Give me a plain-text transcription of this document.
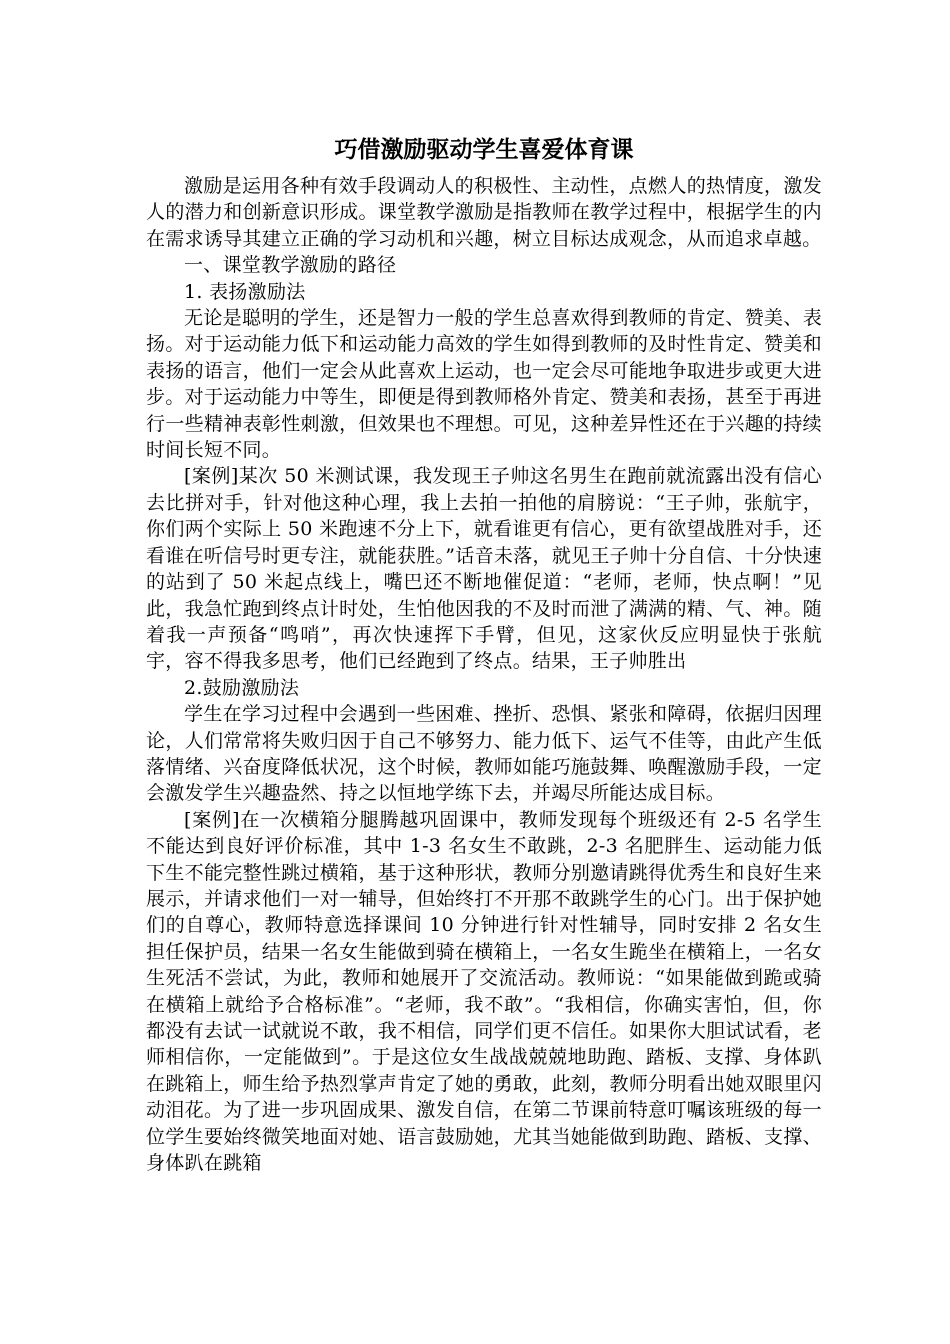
巧借激励驱动学生喜爱体育课

激励是运用各种有效手段调动人的积极性、主动性，点燃人的热情度，激发人的潜力和创新意识形成。课堂教学激励是指教师在教学过程中，根据学生的内在需求诱导其建立正确的学习动机和兴趣，树立目标达成观念，从而追求卓越。

一、课堂教学激励的路径

1. 表扬激励法

无论是聪明的学生，还是智力一般的学生总喜欢得到教师的肯定、赞美、表扬。对于运动能力低下和运动能力高效的学生如得到教师的及时性肯定、赞美和表扬的语言，他们一定会从此喜欢上运动，也一定会尽可能地争取进步或更大进步。对于运动能力中等生，即便是得到教师格外肯定、赞美和表扬，甚至于再进行一些精神表彰性刺激，但效果也不理想。可见，这种差异性还在于兴趣的持续时间长短不同。

[案例]某次 50 米测试课，我发现王子帅这名男生在跑前就流露出没有信心去比拼对手，针对他这种心理，我上去拍一拍他的肩膀说：“王子帅，张航宇，你们两个实际上 50 米跑速不分上下，就看谁更有信心，更有欲望战胜对手，还看谁在听信号时更专注，就能获胜。”话音未落，就见王子帅十分自信、十分快速的站到了 50 米起点线上，嘴巴还不断地催促道：“老师，老师，快点啊！”见此，我急忙跑到终点计时处，生怕他因我的不及时而泄了满满的精、气、神。随着我一声预备“鸣哨”，再次快速挥下手臂，但见，这家伙反应明显快于张航宇，容不得我多思考，他们已经跑到了终点。结果，王子帅胜出

2.鼓励激励法

学生在学习过程中会遇到一些困难、挫折、恐惧、紧张和障碍，依据归因理论，人们常常将失败归因于自己不够努力、能力低下、运气不佳等，由此产生低落情绪、兴奋度降低状况，这个时候，教师如能巧施鼓舞、唤醒激励手段，一定会激发学生兴趣盎然、持之以恒地学练下去，并竭尽所能达成目标。

[案例]在一次横箱分腿腾越巩固课中，教师发现每个班级还有 2-5 名学生不能达到良好评价标准，其中 1-3 名女生不敢跳，2-3 名肥胖生、运动能力低下生不能完整性跳过横箱，基于这种形状，教师分别邀请跳得优秀生和良好生来展示，并请求他们一对一辅导，但始终打不开那不敢跳学生的心门。出于保护她们的自尊心，教师特意选择课间 10 分钟进行针对性辅导，同时安排 2 名女生担任保护员，结果一名女生能做到骑在横箱上，一名女生跪坐在横箱上，一名女生死活不尝试，为此，教师和她展开了交流活动。教师说：“如果能做到跪或骑在横箱上就给予合格标准”。“老师，我不敢”。“我相信，你确实害怕，但，你都没有去试一试就说不敢，我不相信，同学们更不信任。如果你大胆试试看，老师相信你，一定能做到”。于是这位女生战战兢兢地助跑、踏板、支撑、身体趴在跳箱上，师生给予热烈掌声肯定了她的勇敢，此刻，教师分明看出她双眼里闪动泪花。为了进一步巩固成果、激发自信，在第二节课前特意叮嘱该班级的每一位学生要始终微笑地面对她、语言鼓励她，尤其当她能做到助跑、踏板、支撑、身体趴在跳箱
